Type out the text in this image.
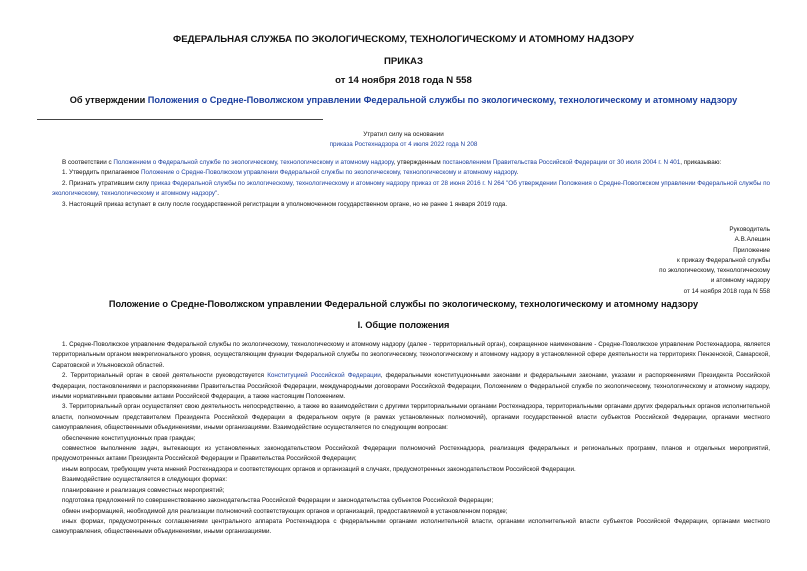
ФЕДЕРАЛЬНАЯ СЛУЖБА ПО ЭКОЛОГИЧЕСКОМУ, ТЕХНОЛОГИЧЕСКОМУ И АТОМНОМУ НАДЗОРУ
ПРИКАЗ
от 14 ноября 2018 года N 558
Об утверждении Положения о Средне-Поволжском управлении Федеральной службы по экологическому, технологическому и атомному надзору
Утратил силу на основании
приказа Ростехнадзора от 4 июля 2022 года N 208

В соответствии с Положением о Федеральной службе по экологическому, технологическому и атомному надзору, утвержденным постановлением Правительства Российской Федерации от 30 июля 2004 г. N 401, приказываю:

1. Утвердить прилагаемое Положение о Средне-Поволжском управлении Федеральной службы по экологическому, технологическому и атомному надзору.

2. Признать утратившим силу приказ Федеральной службы по экологическому, технологическому и атомному надзору приказ от 28 июня 2016 г. N 264 "Об утверждении Положения о Средне-Поволжском управлении Федеральной службы по экологическому, технологическому и атомному надзору".

3. Настоящий приказ вступает в силу после государственной регистрации в уполномоченном государственном органе, но не ранее 1 января 2019 года.

Руководитель
А.В.Алешин
Приложение
к приказу Федеральной службы
по экологическому, технологическому
и атомному надзору
от 14 ноября 2018 года N 558
Положение о Средне-Поволжском управлении Федеральной службы по экологическому, технологическому и атомному надзору
I. Общие положения

1. Средне-Поволжское управление Федеральной службы по экологическому, технологическому и атомному надзору (далее - территориальный орган), сокращенное наименование - Средне-Поволжское управление Ростехнадзора, является территориальным органом межрегионального уровня, осуществляющим функции Федеральной службы по экологическому, технологическому и атомному надзору в установленной сфере деятельности на территориях Пензенской, Самарской, Саратовской и Ульяновской областей.

2. Территориальный орган в своей деятельности руководствуется Конституцией Российской Федерации, федеральными конституционными законами и федеральными законами, указами и распоряжениями Президента Российской Федерации, постановлениями и распоряжениями Правительства Российской Федерации, международными договорами Российской Федерации, Положением о Федеральной службе по экологическому, технологическому и атомному надзору, иными нормативными правовыми актами Российской Федерации, а также настоящим Положением.

3. Территориальный орган осуществляет свою деятельность непосредственно, а также во взаимодействии с другими территориальными органами Ростехнадзора, территориальными органами других федеральных органов исполнительной власти, полномочным представителем Президента Российской Федерации в федеральном округе (в рамках установленных полномочий), органами государственной власти субъектов Российской Федерации, органами местного самоуправления, общественными объединениями, иными организациями. Взаимодействие осуществляется по следующим вопросам:

обеспечение конституционных прав граждан;

совместное выполнение задач, вытекающих из установленных законодательством Российской Федерации полномочий Ростехнадзора, реализация федеральных и региональных программ, планов и отдельных мероприятий, предусмотренных актами Президента Российской Федерации и Правительства Российской Федерации;

иным вопросам, требующим учета мнений Ростехнадзора и соответствующих органов и организаций в случаях, предусмотренных законодательством Российской Федерации.

Взаимодействие осуществляется в следующих формах:

планирование и реализация совместных мероприятий;

подготовка предложений по совершенствованию законодательства Российской Федерации и законодательства субъектов Российской Федерации;

обмен информацией, необходимой для реализации полномочий соответствующих органов и организаций, предоставляемой в установленном порядке;

иных формах, предусмотренных соглашениями центрального аппарата Ростехнадзора с федеральными органами исполнительной власти, органами исполнительной власти субъектов Российской Федерации, органами местного самоуправления, общественными объединениями, иными организациями.
